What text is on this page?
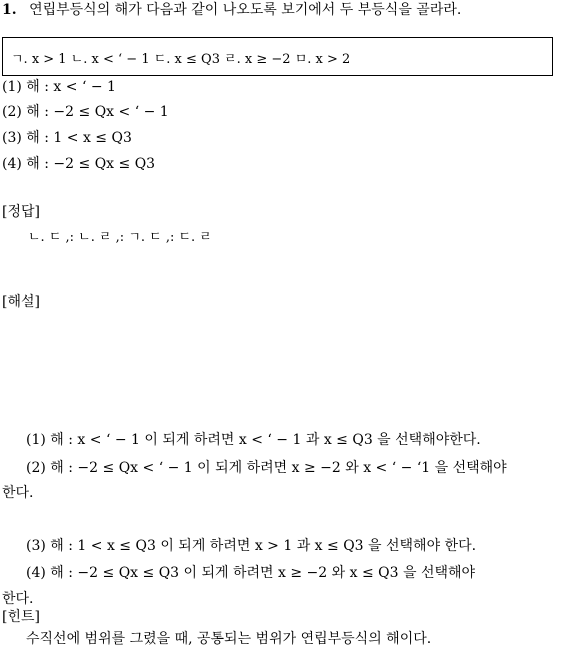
1. 연립부등식의 해가 다음과 같이 나오도록 보기에서 두 부등식을 골라라.
ㄱ. x > 1 ㄴ. x < ‘ − 1 ㄷ. x ≤ Q3 ㄹ. x ≥ −2 ㅁ. x > 2
(1) 해 : x < ‘ − 1
(2) 해 : −2 ≤ Qx < ‘ − 1
(3) 해 : 1 < x ≤ Q3
(4) 해 : −2 ≤ Qx ≤ Q3
[정답]
ㄴ. ㄷ ,: ㄴ. ㄹ ,: ㄱ. ㄷ ,: ㄷ. ㄹ
[해설]
(1) 해 : x < ‘ − 1 이 되게 하려면 x < ‘ − 1 과 x ≤ Q3 을 선택해야한다.
(2) 해 : −2 ≤ Qx < ‘ − 1 이 되게 하려면 x ≥ −2 와 x < ‘ − ‘1 을 선택해야
한다.
(3) 해 : 1 < x ≤ Q3 이 되게 하려면 x > 1 과 x ≤ Q3 을 선택해야 한다.
(4) 해 : −2 ≤ Qx ≤ Q3 이 되게 하려면 x ≥ −2 와 x ≤ Q3 을 선택해야
한다.
[힌트]
수직선에 범위를 그렸을 때, 공통되는 범위가 연립부등식의 해이다.
